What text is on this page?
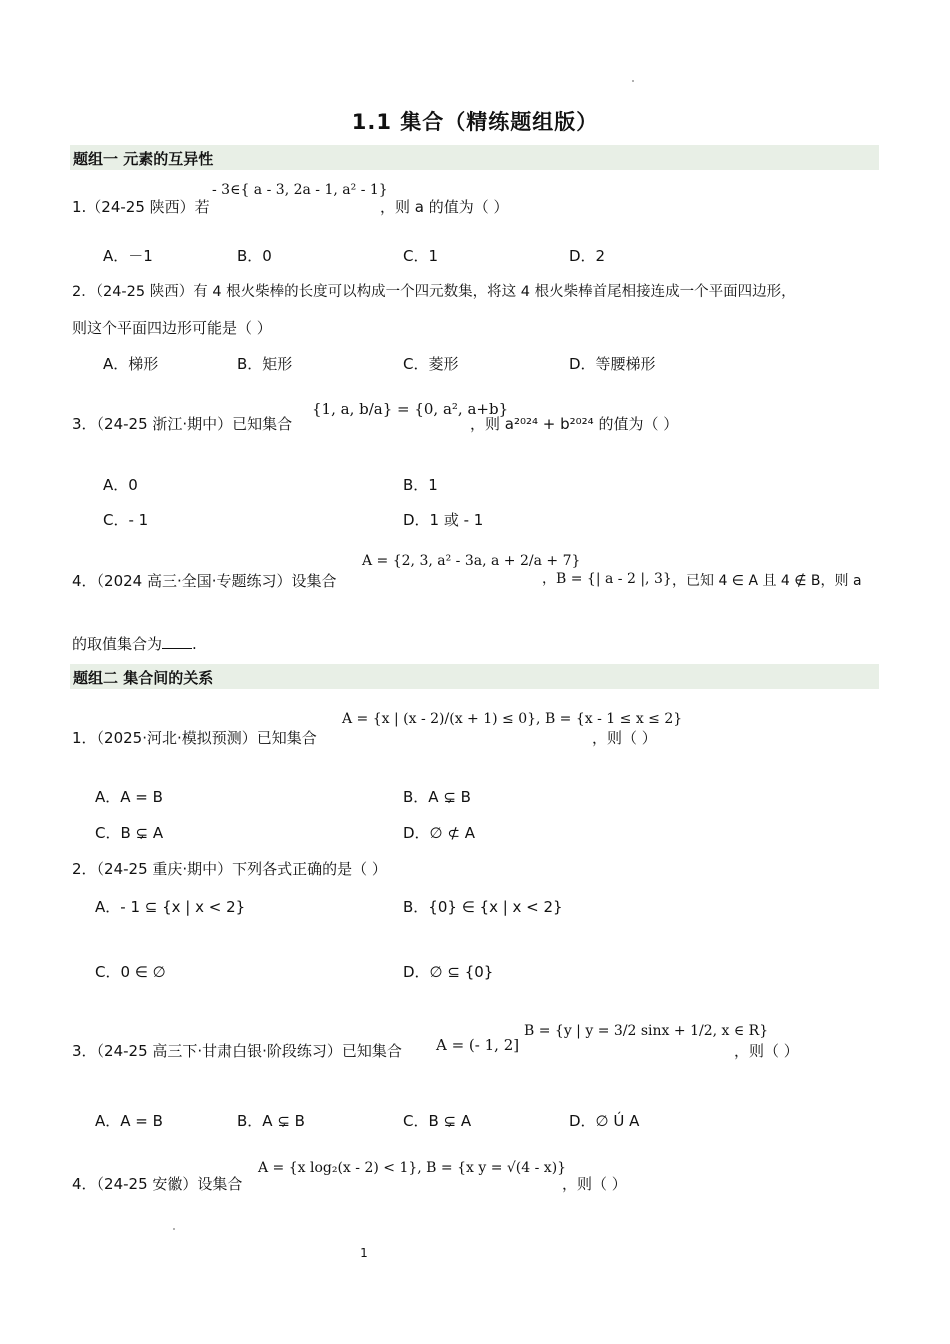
1.1 集合（精练题组版）
题组一 元素的互异性
1.（24-25 陕西）若
- 3∈{ a - 3, 2a - 1, a² - 1}
，则 a 的值为（ ）
A．－1	B．0	C．1	D．2
2．（24-25 陕西）有 4 根火柴棒的长度可以构成一个四元数集，将这 4 根火柴棒首尾相接连成一个平面四边形，
则这个平面四边形可能是（ ）
A．梯形	B．矩形	C．菱形	D．等腰梯形
3．（24-25 浙江·期中）已知集合
{1, a, b/a} = {0, a², a+b}
，则 a²⁰²⁴ + b²⁰²⁴ 的值为（ ）
A．0	B．1
C．- 1	D．1 或 - 1
4．（2024 高三·全国·专题练习）设集合
A = {2, 3, a² - 3a, a + 2/a + 7}
，B = {| a - 2 |, 3} ，已知 4 ∈ A 且 4 ∉ B，则 a
的取值集合为 .
题组二 集合间的关系
1．（2025·河北·模拟预测）已知集合
A = {x | (x - 2)/(x + 1) ≤ 0}, B = {x - 1 ≤ x ≤ 2}
，则（ ）
A．A = B	B．A ⊊ B
C．B ⊊ A	D．∅ ⊄ A
2．（24-25 重庆·期中）下列各式正确的是（ ）
A．- 1 ⊆ {x | x < 2}	B．{0} ∈ {x | x < 2}
C．0 ∈ ∅	D．∅ ⊆ {0}
3．（24-25 高三下·甘肃白银·阶段练习）已知集合 A = (- 1, 2]
B = {y | y = 3/2 sinx + 1/2, x ∈ R}
，则（ ）
A．A = B	B．A ⊊ B	C．B ⊊ A	D．∅ Ú A
4．（24-25 安徽）设集合
A = {x log₂(x - 2) < 1}, B = {x y = √(4 - x)}
，则（ ）
1
